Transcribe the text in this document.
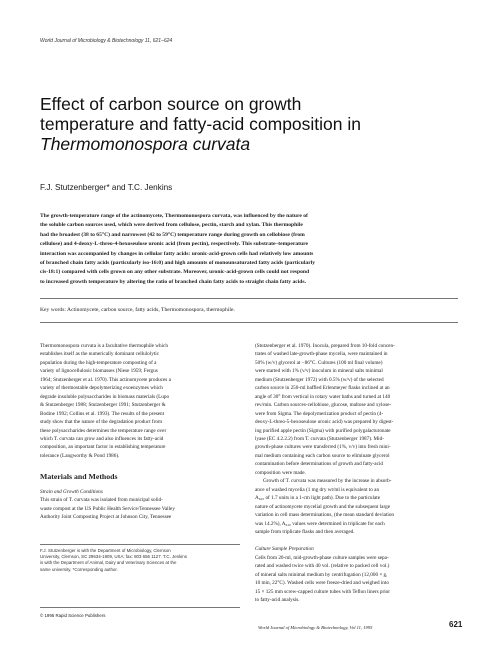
World Journal of Microbiology & Biotechnology 11, 621–624
Effect of carbon source on growth
temperature and fatty-acid composition in
Thermomonospora curvata
F.J. Stutzenberger* and T.C. Jenkins
The growth-temperature range of the actinomycete, Thermomonospora curvata, was influenced by the nature of
the soluble carbon sources used, which were derived from cellulose, pectin, starch and xylan. This thermophile
had the broadest (38 to 65°C) and narrowest (42 to 59°C) temperature range during growth on cellobiose (from
cellulose) and 4-deoxy-L-threo-4-hexoseulose uronic acid (from pectin), respectively. This substrate–temperature
interaction was accompanied by changes in cellular fatty acids: uronic-acid-grown cells had relatively low amounts
of branched chain fatty acids (particularly iso-16:0) and high amounts of monounsaturated fatty acids (particularly
cis-18:1) compared with cells grown on any other substrate. Moreover, uronic-acid-grown cells could not respond
to increased growth temperature by altering the ratio of branched chain fatty acids to straight chain fatty acids.
Key words: Actinomycete, carbon source, fatty acids, Thermomonospora, thermophile.
Thermomonospora curvata is a facultative thermophile which
establishes itself as the numerically dominant cellulolytic
population during the high-temperature composting of a
variety of lignocellulosic biomasses (Niese 1959; Fergus
1964; Stutzenberger et al. 1970). This actinomycete produces a
variety of thermostable depolymerizing exoenzymes which
degrade insoluble polysaccharides in biomass materials (Lupo
& Stutzenberger 1988; Stutzenberger 1991; Stutzenberger &
Bodine 1992; Collins et al. 1993). The results of the present
study show that the nature of the degradation product from
these polysaccharides determines the temperature range over
which T. curvata can grow and also influences its fatty-acid
composition, an important factor in establishing temperature
tolerance (Langworthy & Pond 1986).
Materials and Methods
Strain and Growth Conditions
This strain of T. curvata was isolated from municipal solid-
waste compost at the US Public Health Service/Tennessee Valley
Authority Joint Composting Project at Johnson City, Tennessee
(Stutzenberger et al. 1970). Inocula, prepared from 10-fold concen-
trates of washed late-growth-phase mycelia, were maintained in
50% (w/v) glycerol at −86°C. Cultures (100 ml final volume)
were started with 1% (v/v) inoculum in mineral salts minimal
medium (Stutzenberger 1972) with 0.5% (w/v) of the selected
carbon source in 250-ml baffled Erlenmeyer flasks inclined at an
angle of 30° from vertical in rotary water baths and turned at 140
rev/min. Carbon sources-cellobiose, glucose, maltose and xylose-
were from Sigma. The depolymerization product of pectin (4-
deoxy-L-threo-5-hexoseulose uronic acid) was prepared by digest-
ing purified apple pectin (Sigma) with purified polygalacturonate
lyase (EC 4.2.2.2) from T. curvata (Stutzenberger 1987). Mid-
growth-phase cultures were transferred (1%, v/v) into fresh mini-
mal medium containing each carbon source to eliminate glycerol
contamination before determinations of growth and fatty-acid
composition were made.
Growth of T. curvata was measured by the increase in absorb-
ance of washed mycelia (1 mg dry wt/ml is equivalent to an
A₆₂₀ of 1.7 units in a 1-cm light path). Due to the particulate
nature of actinomycete mycelial growth and the subsequent large
variation in cell mass determinations, (the mean standard deviation
was 14.2%), A₆₂₀ values were determined in triplicate for each
sample from triplicate flasks and then averaged.
Culture Sample Preparation
Cells from 20-ml, mid-growth-phase culture samples were sepa-
rated and washed twice with 40 vol. (relative to packed cell vol.)
of mineral salts minimal medium by centrifugation (12,000 × g,
10 min, 22°C). Washed cells were freeze-dried and weighed into
15 × 125 mm screw-capped culture tubes with Teflon liners prior
to fatty-acid analysis.
F.J. Stutzenberger is with the Department of Microbiology, Clemson
University, Clemson, SC 29634-1909, USA; fax: 803 656 1127. T.C. Jenkins
is with the Department of Animal, Dairy and Veterinary Sciences at the
same university. *Corresponding author.
© 1995 Rapid Science Publishers
World Journal of Microbiology & Biotechnology, Vol 11, 1995	621
